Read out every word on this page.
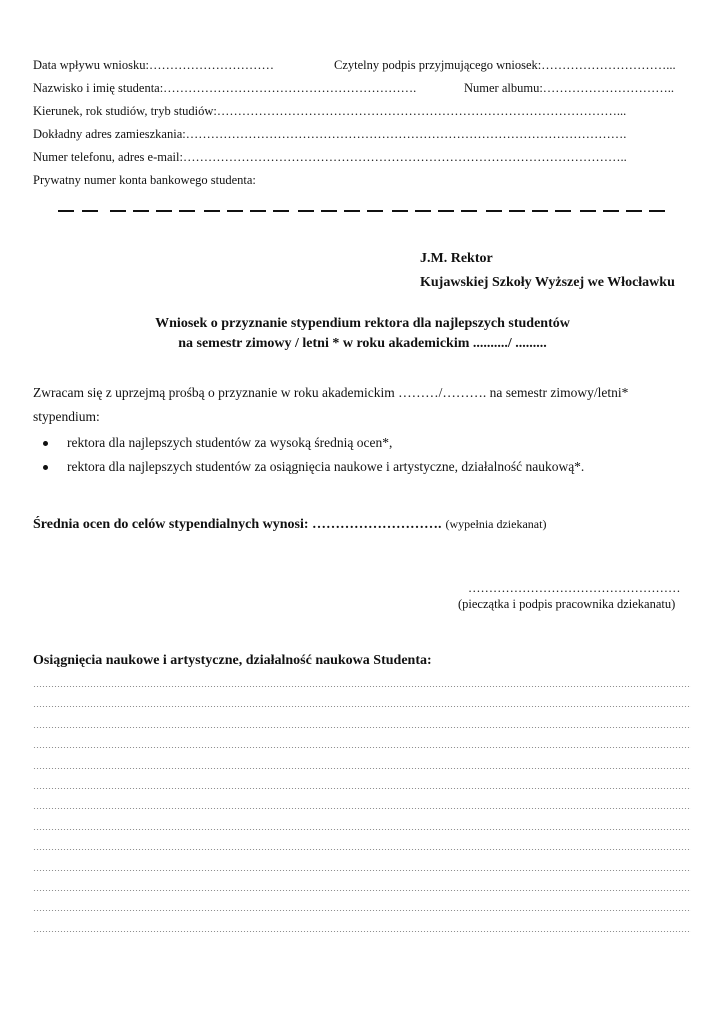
Data wpływu wniosku:…………………………	Czytelny podpis przyjmującego wniosek:…………………………...
Nazwisko i imię studenta:…………………………………………………….	Numer albumu:…………………………..
Kierunek, rok studiów, tryb studiów:……………………………………………………………………………………...
Dokładny adres zamieszkania:…………………………………………………………………………………………….
Numer telefonu, adres e-mail:……………………………………………………………………………………………..
Prywatny numer konta bankowego studenta:
J.M. Rektor
Kujawskiej Szkoły Wyższej we Włocławku
Wniosek o przyznanie stypendium rektora dla najlepszych studentów
na semestr zimowy / letni * w roku akademickim ........../ .........
Zwracam się z uprzejmą prośbą o przyznanie w roku akademickim ………/………. na semestr zimowy/letni*
stypendium:
rektora dla najlepszych studentów za wysoką średnią ocen*,
rektora dla najlepszych studentów za osiągnięcia naukowe i artystyczne, działalność naukową*.
Średnia ocen do celów stypendialnych wynosi: ………………………. (wypełnia dziekanat)
……………………………………………
(pieczątka i podpis pracownika dziekanatu)
Osiągnięcia naukowe i artystyczne, działalność naukowa Studenta:
